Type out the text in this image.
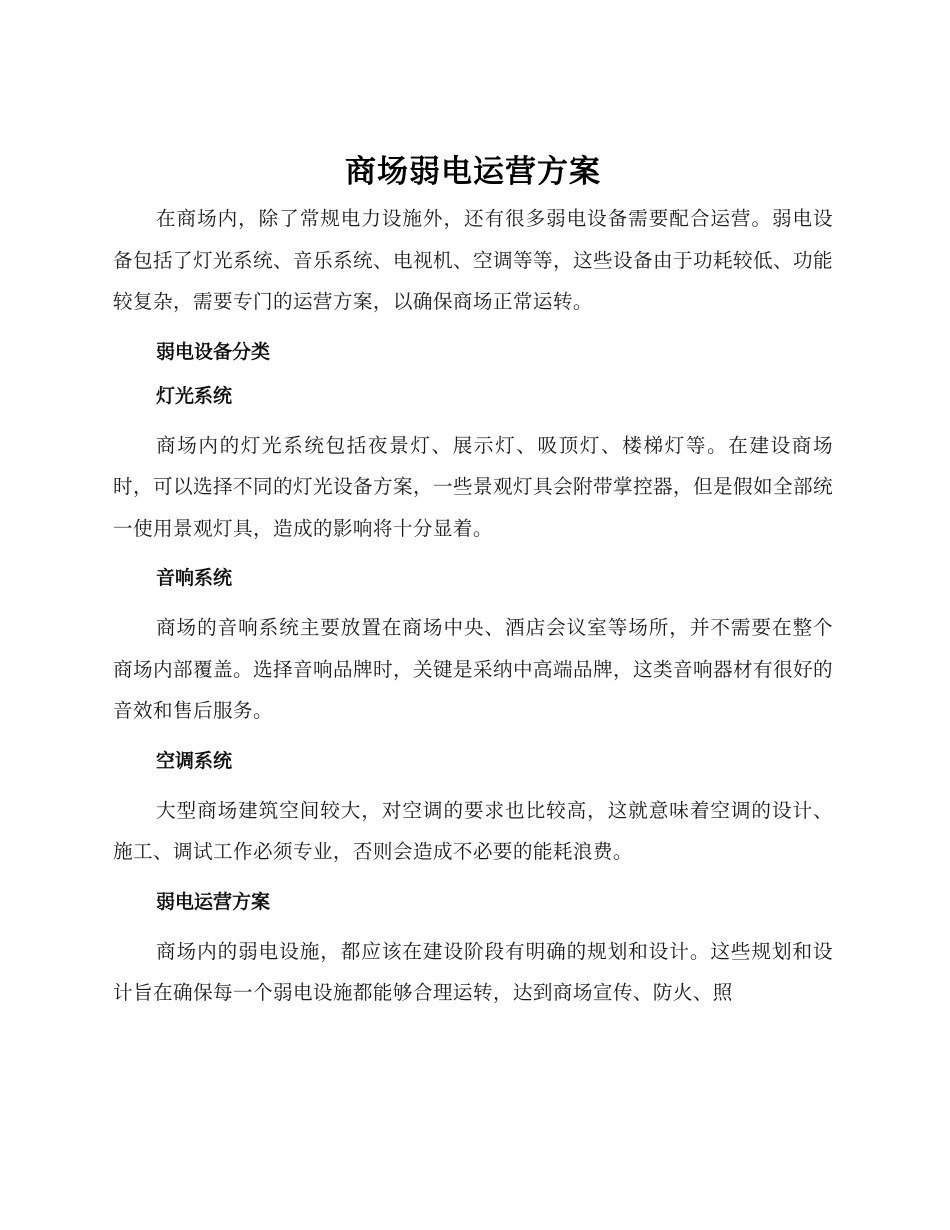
商场弱电运营方案

在商场内，除了常规电力设施外，还有很多弱电设备需要配合运营。弱电设备包括了灯光系统、音乐系统、电视机、空调等等，这些设备由于功耗较低、功能较复杂，需要专门的运营方案，以确保商场正常运转。

弱电设备分类
灯光系统

商场内的灯光系统包括夜景灯、展示灯、吸顶灯、楼梯灯等。在建设商场时，可以选择不同的灯光设备方案，一些景观灯具会附带掌控器，但是假如全部统一使用景观灯具，造成的影响将十分显着。

音响系统

商场的音响系统主要放置在商场中央、酒店会议室等场所，并不需要在整个商场内部覆盖。选择音响品牌时，关键是采纳中高端品牌，这类音响器材有很好的音效和售后服务。

空调系统

大型商场建筑空间较大，对空调的要求也比较高，这就意味着空调的设计、施工、调试工作必须专业，否则会造成不必要的能耗浪费。

弱电运营方案

商场内的弱电设施，都应该在建设阶段有明确的规划和设计。这些规划和设计旨在确保每一个弱电设施都能够合理运转，达到商场宣传、防火、照
